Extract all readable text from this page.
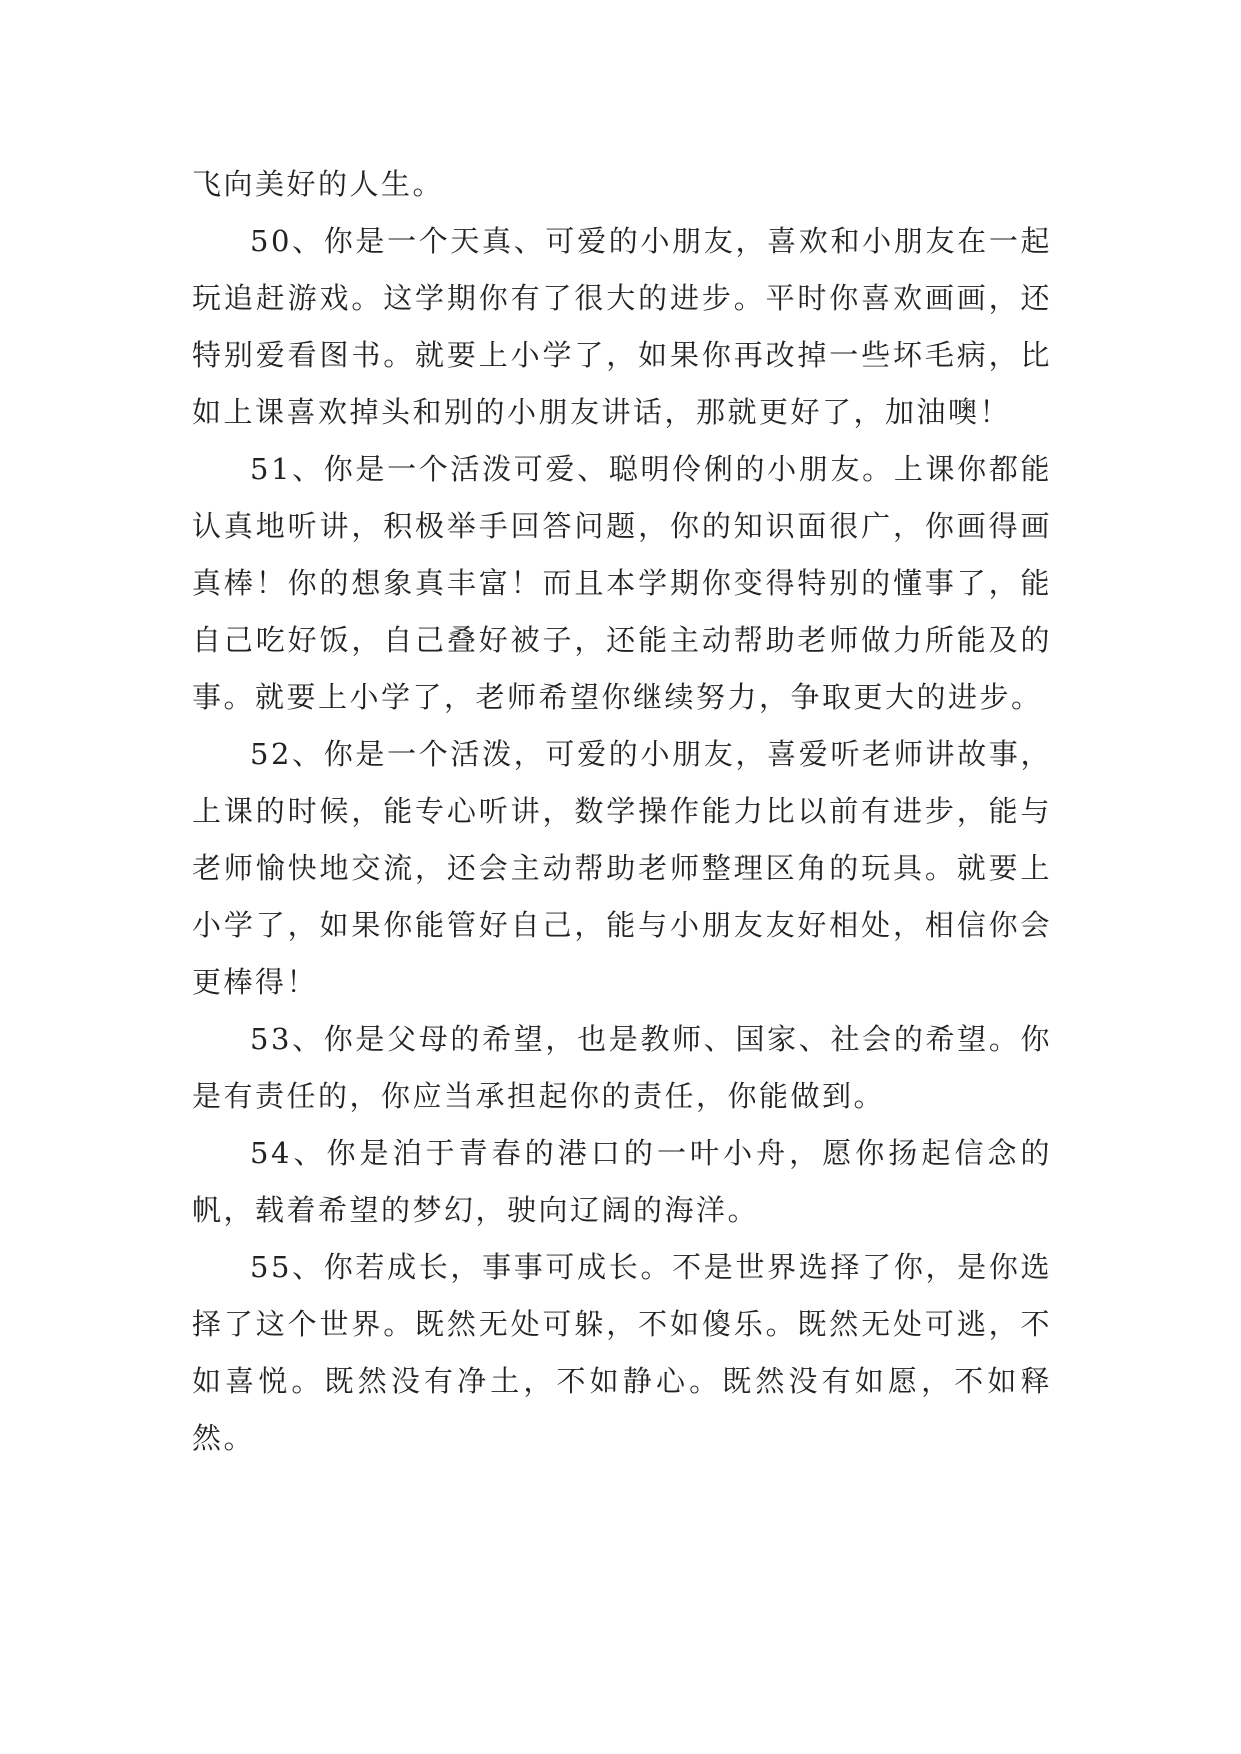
飞向美好的人生。

50、你是一个天真、可爱的小朋友，喜欢和小朋友在一起玩追赶游戏。这学期你有了很大的进步。平时你喜欢画画，还特别爱看图书。就要上小学了，如果你再改掉一些坏毛病，比如上课喜欢掉头和别的小朋友讲话，那就更好了，加油噢！

51、你是一个活泼可爱、聪明伶俐的小朋友。上课你都能认真地听讲，积极举手回答问题，你的知识面很广，你画得画真棒！你的想象真丰富！而且本学期你变得特别的懂事了，能自己吃好饭，自己叠好被子，还能主动帮助老师做力所能及的事。就要上小学了，老师希望你继续努力，争取更大的进步。

52、你是一个活泼，可爱的小朋友，喜爱听老师讲故事，上课的时候，能专心听讲，数学操作能力比以前有进步，能与老师愉快地交流，还会主动帮助老师整理区角的玩具。就要上小学了，如果你能管好自己，能与小朋友友好相处，相信你会更棒得！

53、你是父母的希望，也是教师、国家、社会的希望。你是有责任的，你应当承担起你的责任，你能做到。

54、你是泊于青春的港口的一叶小舟，愿你扬起信念的帆，载着希望的梦幻，驶向辽阔的海洋。

55、你若成长，事事可成长。不是世界选择了你，是你选择了这个世界。既然无处可躲，不如傻乐。既然无处可逃，不如喜悦。既然没有净土，不如静心。既然没有如愿，不如释然。
